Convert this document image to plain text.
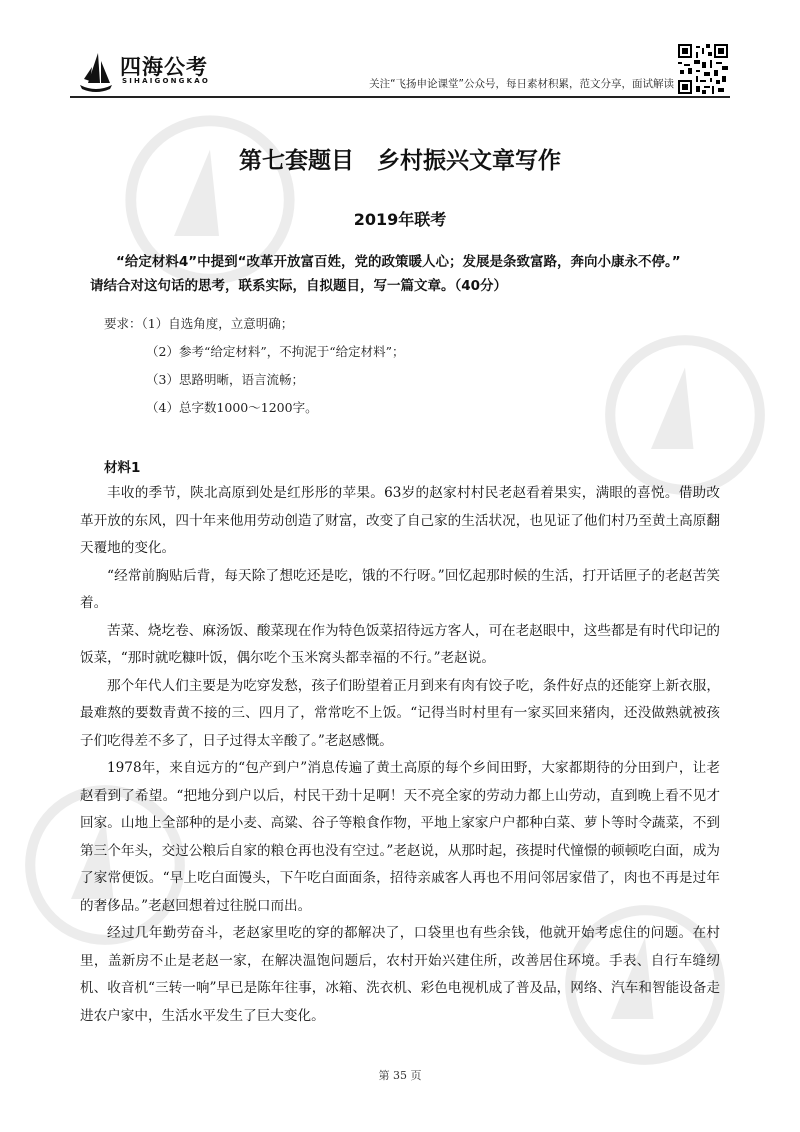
四海公考
SIHAIGONGKAO	关注“飞扬申论课堂”公众号，每日素材积累，范文分享，面试解读
第七套题目　乡村振兴文章写作
2019年联考

“给定材料4”中提到“改革开放富百姓，党的政策暖人心；发展是条致富路，奔向小康永不停。”

请结合对这句话的思考，联系实际，自拟题目，写一篇文章。（40分）

要求：（1）自选角度，立意明确；
（2）参考“给定材料”，不拘泥于“给定材料”；
（3）思路明晰，语言流畅；
（4）总字数1000～1200字。
材料1

丰收的季节，陕北高原到处是红彤彤的苹果。63岁的赵家村村民老赵看着果实，满眼的喜悦。借助改革开放的东风，四十年来他用劳动创造了财富，改变了自己家的生活状况，也见证了他们村乃至黄土高原翻天覆地的变化。

“经常前胸贴后背，每天除了想吃还是吃，饿的不行呀。”回忆起那时候的生活，打开话匣子的老赵苦笑着。

苦菜、烧圪卷、麻汤饭、酸菜现在作为特色饭菜招待远方客人，可在老赵眼中，这些都是有时代印记的饭菜，“那时就吃糠叶饭，偶尔吃个玉米窝头都幸福的不行。”老赵说。

那个年代人们主要是为吃穿发愁，孩子们盼望着正月到来有肉有饺子吃，条件好点的还能穿上新衣服，最难熬的要数青黄不接的三、四月了，常常吃不上饭。“记得当时村里有一家买回来猪肉，还没做熟就被孩子们吃得差不多了，日子过得太辛酸了。”老赵感慨。

1978年，来自远方的“包产到户”消息传遍了黄土高原的每个乡间田野，大家都期待的分田到户，让老赵看到了希望。“把地分到户以后，村民干劲十足啊！天不亮全家的劳动力都上山劳动，直到晚上看不见才回家。山地上全部种的是小麦、高粱、谷子等粮食作物，平地上家家户户都种白菜、萝卜等时令蔬菜，不到第三个年头，交过公粮后自家的粮仓再也没有空过。”老赵说，从那时起，孩提时代憧憬的顿顿吃白面，成为了家常便饭。“早上吃白面馒头，下午吃白面面条，招待亲戚客人再也不用问邻居家借了，肉也不再是过年的奢侈品。”老赵回想着过往脱口而出。

经过几年勤劳奋斗，老赵家里吃的穿的都解决了，口袋里也有些余钱，他就开始考虑住的问题。在村里，盖新房不止是老赵一家，在解决温饱问题后，农村开始兴建住所，改善居住环境。手表、自行车缝纫机、收音机“三转一响”早已是陈年往事，冰箱、洗衣机、彩色电视机成了普及品，网络、汽车和智能设备走进农户家中，生活水平发生了巨大变化。

第 35 页
